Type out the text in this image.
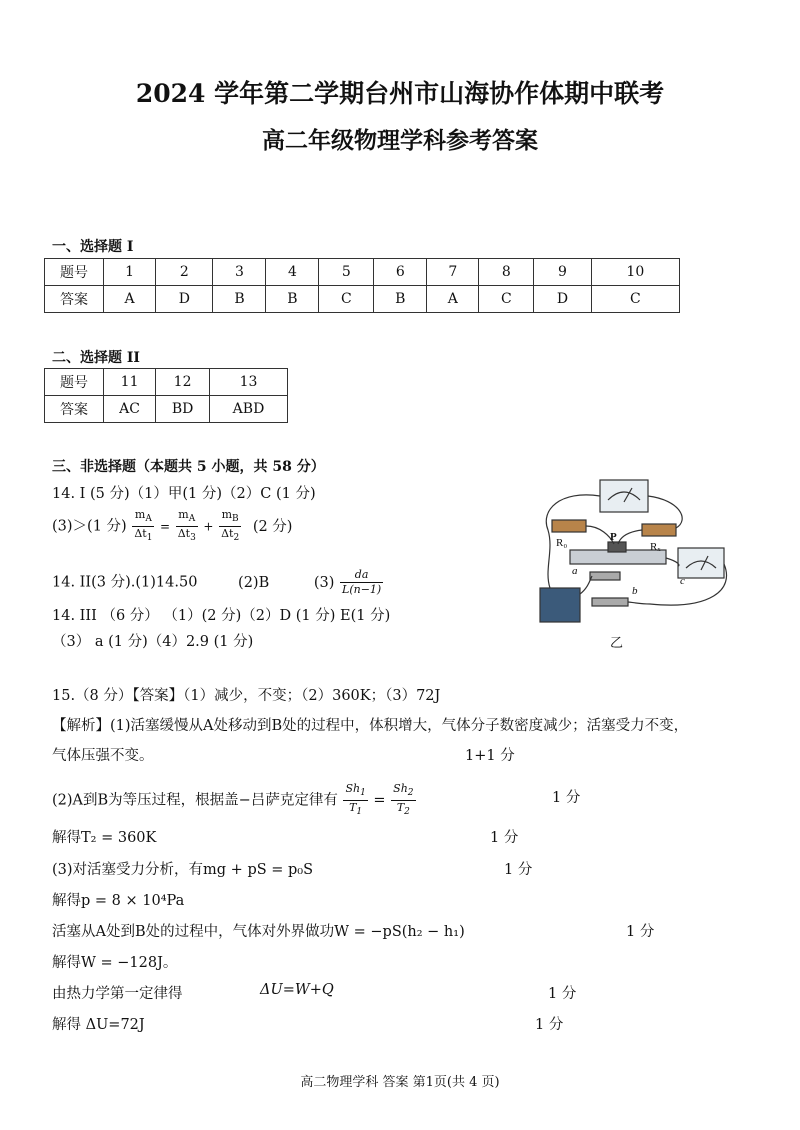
2024 学年第二学期台州市山海协作体期中联考
高二年级物理学科参考答案
一、选择题 I
题号	1	2	3	4	5	6	7	8	9	10
答案	A	D	B	B	C	B	A	C	D	C
二、选择题 II
题号	11	12	13
答案	AC	BD	ABD
三、非选择题（本题共 5 小题，共 58 分）
14. I (5 分)（1）甲(1 分)（2）C (1 分)
(3)＞(1 分) $\frac{m_A}{\Delta t_1} = \frac{m_A}{\Delta t_3} + \frac{m_B}{\Delta t_2} (2$ 分)
14. II(3 分).(1)14.50	(2)B	$(3) \frac{da}{L(n-1)}$
14. III （6 分） （1）(2 分)（2）D (1 分) E(1 分)
（3） a (1 分)（4）2.9 (1 分)
R₀	Rₓ
P
a
b
c
乙
15.（8 分）【答案】（1）减少，不变；（2）360K；（3）72J
【解析】(1)活塞缓慢从A处移动到B处的过程中，体积增大，气体分子数密度减少；活塞受力不变，
气体压强不变。	1+1 分
(2)A到B为等压过程，根据盖−吕萨克定律有 $\frac{Sh_1}{T_1} = \frac{Sh_2}{T_2}$	1 分
解得T₂ = 360K	1 分
(3)对活塞受力分析，有mg + pS = p₀S	1 分
解得p = 8 × 10⁴Pa
活塞从A处到B处的过程中，气体对外界做功W = −pS(h₂ − h₁)	1 分
解得W = −128J。
由热力学第一定律得	ΔU=W+Q	1 分
解得 ΔU=72J	1 分
高二物理学科 答案 第1页(共 4 页)
